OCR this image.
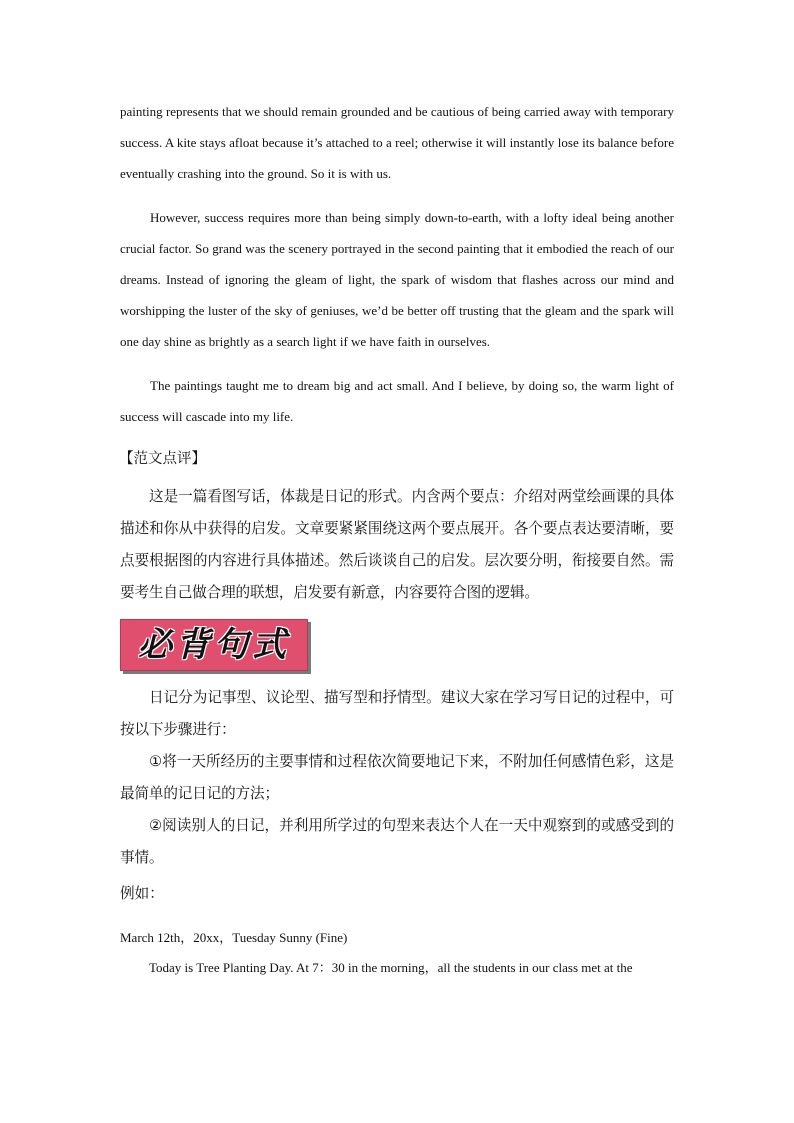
painting represents that we should remain grounded and be cautious of being carried away with temporary success. A kite stays afloat because it’s attached to a reel; otherwise it will instantly lose its balance before eventually crashing into the ground. So it is with us.

However, success requires more than being simply down-to-earth, with a lofty ideal being another crucial factor. So grand was the scenery portrayed in the second painting that it embodied the reach of our dreams. Instead of ignoring the gleam of light, the spark of wisdom that flashes across our mind and worshipping the luster of the sky of geniuses, we’d be better off trusting that the gleam and the spark will one day shine as brightly as a search light if we have faith in ourselves.

The paintings taught me to dream big and act small. And I believe, by doing so, the warm light of success will cascade into my life.

【范文点评】

这是一篇看图写话，体裁是日记的形式。内含两个要点：介绍对两堂绘画课的具体描述和你从中获得的启发。文章要紧紧围绕这两个要点展开。各个要点表达要清晰，要点要根据图的内容进行具体描述。然后谈谈自己的启发。层次要分明，衔接要自然。需要考生自己做合理的联想，启发要有新意，内容要符合图的逻辑。

必背句式

日记分为记事型、议论型、描写型和抒情型。建议大家在学习写日记的过程中，可按以下步骤进行：

①将一天所经历的主要事情和过程依次简要地记下来，不附加任何感情色彩，这是最简单的记日记的方法；

②阅读别人的日记，并利用所学过的句型来表达个人在一天中观察到的或感受到的事情。

例如：

March 12th，20xx，Tuesday Sunny (Fine)

Today is Tree Planting Day. At 7：30 in the morning，all the students in our class met at the
